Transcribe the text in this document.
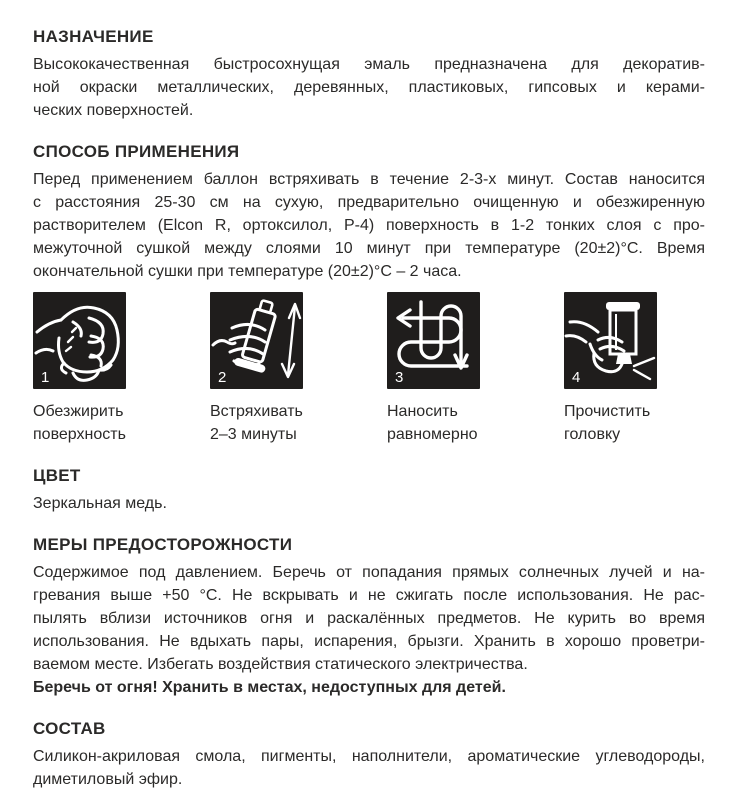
НАЗНАЧЕНИЕ
Высококачественная быстросохнущая эмаль предназначена для декоратив-
ной окраски металлических, деревянных, пластиковых, гипсовых и керами-
ческих поверхностей.
СПОСОБ ПРИМЕНЕНИЯ
Перед применением баллон встряхивать в течение 2-3-х минут. Состав наносится
с расстояния 25-30 см на сухую, предварительно очищенную и обезжиренную
растворителем (Elcon R, ортоксилол, Р-4) поверхность в 1-2 тонких слоя с про-
межуточной сушкой между слоями 10 минут при температуре (20±2)°С. Время
окончательной сушки при температуре (20±2)°С – 2 часа.
1
Обезжирить
поверхность
2
Встряхивать
2–3 минуты
3
Наносить
равномерно
4
Прочистить
головку
ЦВЕТ
Зеркальная медь.
МЕРЫ ПРЕДОСТОРОЖНОСТИ
Содержимое под давлением. Беречь от попадания прямых солнечных лучей и на-
гревания выше +50 °С. Не вскрывать и не сжигать после использования. Не рас-
пылять вблизи источников огня и раскалённых предметов. Не курить во время
использования. Не вдыхать пары, испарения, брызги. Хранить в хорошо проветри-
ваемом месте. Избегать воздействия статического электричества.
Беречь от огня! Хранить в местах, недоступных для детей.
СОСТАВ
Силикон-акриловая смола, пигменты, наполнители, ароматические углеводороды,
диметиловый эфир.
